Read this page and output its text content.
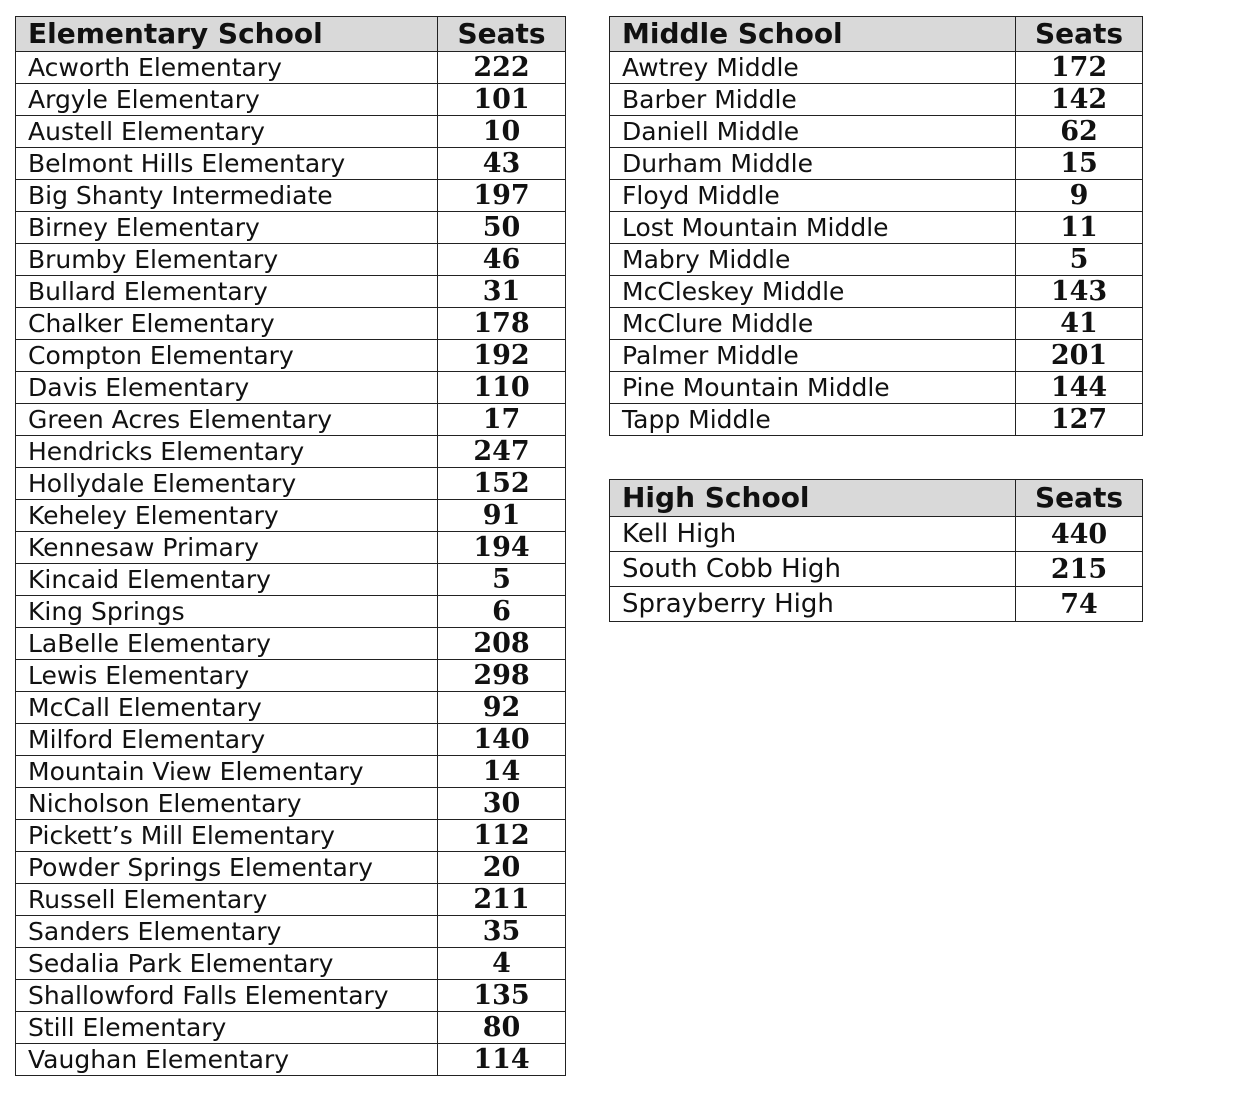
Elementary School	Seats
Acworth Elementary	222
Argyle Elementary	101
Austell Elementary	10
Belmont Hills Elementary	43
Big Shanty Intermediate	197
Birney Elementary	50
Brumby Elementary	46
Bullard Elementary	31
Chalker Elementary	178
Compton Elementary	192
Davis Elementary	110
Green Acres Elementary	17
Hendricks Elementary	247
Hollydale Elementary	152
Keheley Elementary	91
Kennesaw Primary	194
Kincaid Elementary	5
King Springs	6
LaBelle Elementary	208
Lewis Elementary	298
McCall Elementary	92
Milford Elementary	140
Mountain View Elementary	14
Nicholson Elementary	30
Pickett’s Mill Elementary	112
Powder Springs Elementary	20
Russell Elementary	211
Sanders Elementary	35
Sedalia Park Elementary	4
Shallowford Falls Elementary	135
Still Elementary	80
Vaughan Elementary	114
Middle School	Seats
Awtrey Middle	172
Barber Middle	142
Daniell Middle	62
Durham Middle	15
Floyd Middle	9
Lost Mountain Middle	11
Mabry Middle	5
McCleskey Middle	143
McClure Middle	41
Palmer Middle	201
Pine Mountain Middle	144
Tapp Middle	127
High School	Seats
Kell High	440
South Cobb High	215
Sprayberry High	74
